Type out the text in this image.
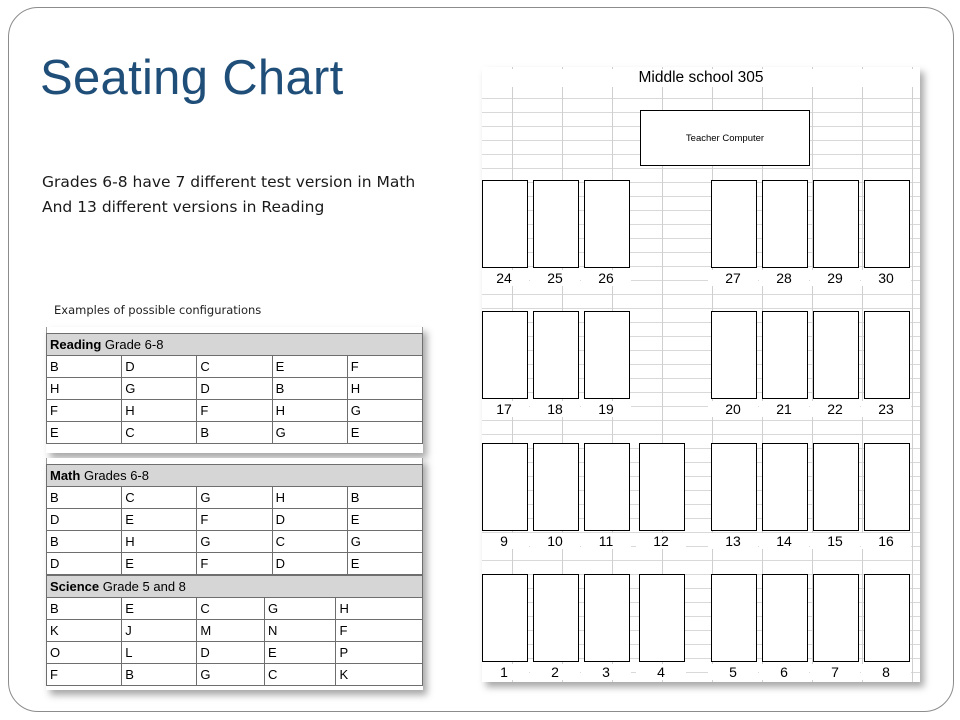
Seating Chart
Grades 6-8 have 7 different test version in Math
And 13 different versions in Reading
Examples of possible configurations
Reading Grade 6-8				
B	D	C	E	F
H	G	D	B	H
F	H	F	H	G
E	C	B	G	E
Math Grades 6-8				
B	C	G	H	B
D	E	F	D	E
B	H	G	C	G
D	E	F	D	E
Science Grade 5 and 8				
B	E	C	G	H
K	J	M	N	F
O	L	D	E	P
F	B	G	C	K
Middle school 305
Teacher Computer
24	25	26	27	28	29	30
17	18	19	20	21	22	23
9	10	11	12	13	14	15	16
1	2	3	4	5	6	7	8
